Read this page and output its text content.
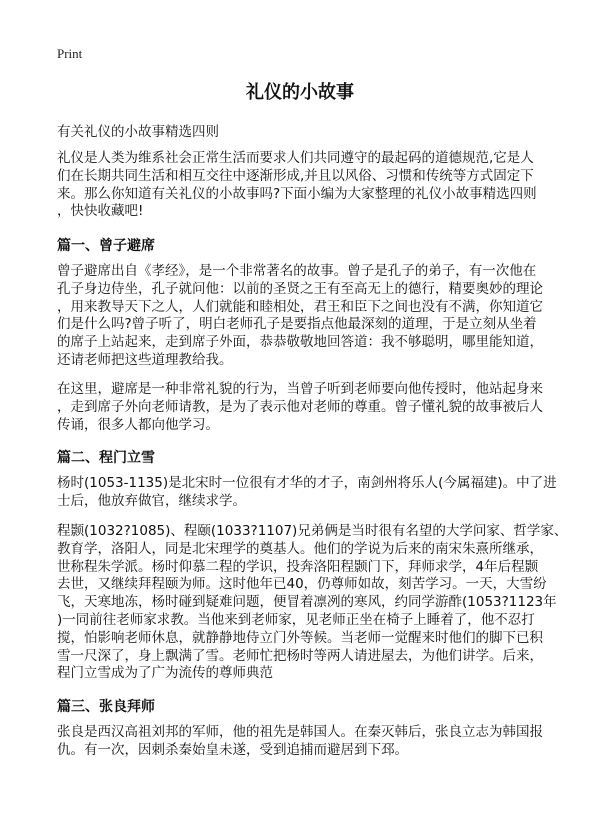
Print
礼仪的小故事
有关礼仪的小故事精选四则
礼仪是人类为维系社会正常生活而要求人们共同遵守的最起码的道德规范,它是人
们在长期共同生活和相互交往中逐渐形成,并且以风俗、习惯和传统等方式固定下
来。那么你知道有关礼仪的小故事吗?下面小编为大家整理的礼仪小故事精选四则
，快快收藏吧!
篇一、曾子避席
曾子避席出自《孝经》，是一个非常著名的故事。曾子是孔子的弟子，有一次他在
孔子身边侍坐，孔子就问他：以前的圣贤之王有至高无上的德行，精要奥妙的理论
，用来教导天下之人，人们就能和睦相处，君王和臣下之间也没有不满，你知道它
们是什么吗?曾子听了，明白老师孔子是要指点他最深刻的道理，于是立刻从坐着
的席子上站起来，走到席子外面，恭恭敬敬地回答道：我不够聪明，哪里能知道，
还请老师把这些道理教给我。
在这里，避席是一种非常礼貌的行为，当曾子听到老师要向他传授时，他站起身来
，走到席子外向老师请教，是为了表示他对老师的尊重。曾子懂礼貌的故事被后人
传诵，很多人都向他学习。
篇二、程门立雪
杨时(1053-1135)是北宋时一位很有才华的才子，南剑州将乐人(今属福建)。中了进
士后，他放弃做官，继续求学。
程颢(1032?1085)、程颐(1033?1107)兄弟俩是当时很有名望的大学问家、哲学家、
教育学，洛阳人，同是北宋理学的奠基人。他们的学说为后来的南宋朱熹所继承，
世称程朱学派。杨时仰慕二程的学识，投奔洛阳程颢门下，拜师求学，4年后程颢
去世，又继续拜程颐为师。这时他年已40，仍尊师如故，刻苦学习。一天，大雪纷
飞，天寒地冻，杨时碰到疑难问题，便冒着凛冽的寒风，约同学游酢(1053?1123年
)一同前往老师家求教。当他来到老师家，见老师正坐在椅子上睡着了，他不忍打
搅，怕影响老师休息，就静静地侍立门外等候。当老师一觉醒来时他们的脚下已积
雪一尺深了，身上飘满了雪。老师忙把杨时等两人请进屋去，为他们讲学。后来，
程门立雪成为了广为流传的尊师典范
篇三、张良拜师
张良是西汉高祖刘邦的军师，他的祖先是韩国人。在秦灭韩后，张良立志为韩国报
仇。有一次，因刺杀秦始皇未遂，受到追捕而避居到下邳。
